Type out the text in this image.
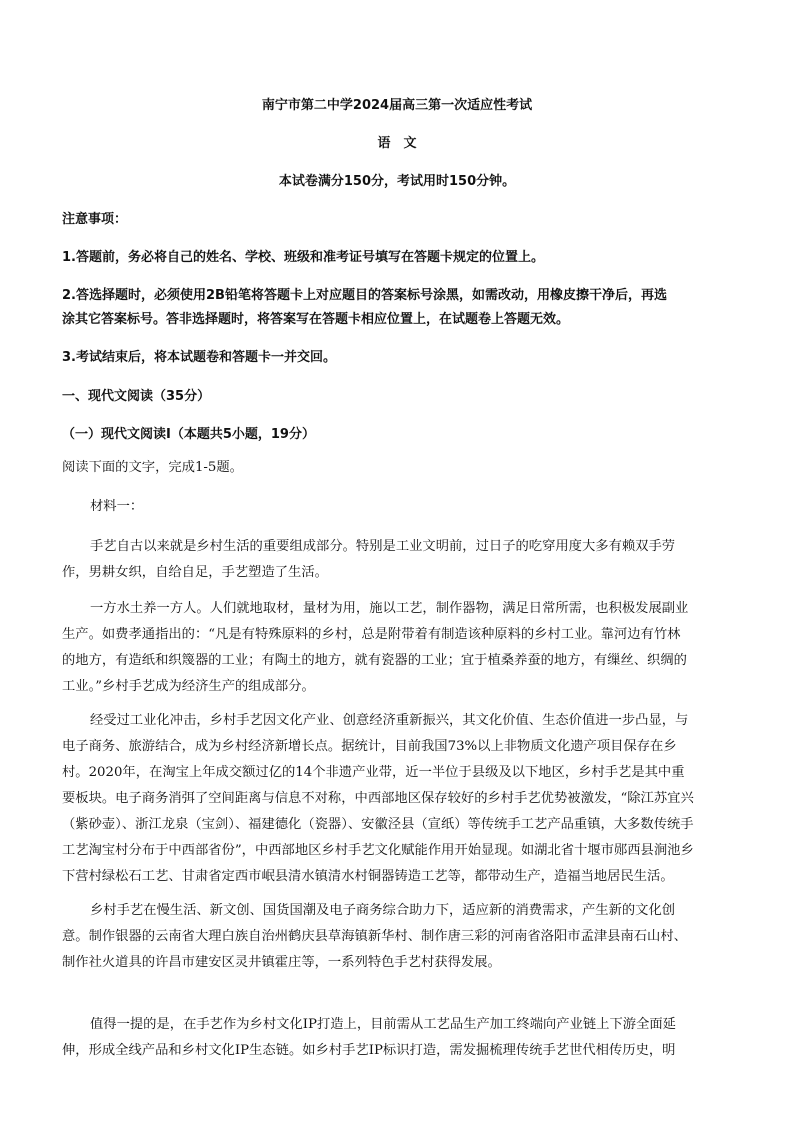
南宁市第二中学2024届高三第一次适应性考试
语　文
本试卷满分150分，考试用时150分钟。
注意事项：
1.答题前，务必将自己的姓名、学校、班级和准考证号填写在答题卡规定的位置上。
2.答选择题时，必须使用2B铅笔将答题卡上对应题目的答案标号涂黑，如需改动，用橡皮擦干净后，再选
涂其它答案标号。答非选择题时，将答案写在答题卡相应位置上，在试题卷上答题无效。
3.考试结束后，将本试题卷和答题卡一并交回。
一、现代文阅读（35分）
（一）现代文阅读Ⅰ（本题共5小题，19分）
阅读下面的文字，完成1-5题。
材料一：
手艺自古以来就是乡村生活的重要组成部分。特别是工业文明前，过日子的吃穿用度大多有赖双手劳
作，男耕女织，自给自足，手艺塑造了生活。
一方水土养一方人。人们就地取材，量材为用，施以工艺，制作器物，满足日常所需，也积极发展副业
生产。如费孝通指出的：“凡是有特殊原料的乡村，总是附带着有制造该种原料的乡村工业。靠河边有竹林
的地方，有造纸和织篾器的工业；有陶土的地方，就有瓷器的工业；宜于植桑养蚕的地方，有缫丝、织绸的
工业。”乡村手艺成为经济生产的组成部分。
经受过工业化冲击，乡村手艺因文化产业、创意经济重新振兴，其文化价值、生态价值进一步凸显，与
电子商务、旅游结合，成为乡村经济新增长点。据统计，目前我国73%以上非物质文化遗产项目保存在乡
村。2020年，在淘宝上年成交额过亿的14个非遗产业带，近一半位于县级及以下地区，乡村手艺是其中重
要板块。电子商务消弭了空间距离与信息不对称，中西部地区保存较好的乡村手艺优势被激发，“除江苏宜兴
（紫砂壶）、浙江龙泉（宝剑）、福建德化（瓷器）、安徽泾县（宣纸）等传统手工艺产品重镇，大多数传统手
工艺淘宝村分布于中西部省份”，中西部地区乡村手艺文化赋能作用开始显现。如湖北省十堰市郧西县涧池乡
下营村绿松石工艺、甘肃省定西市岷县清水镇清水村铜器铸造工艺等，都带动生产，造福当地居民生活。
乡村手艺在慢生活、新文创、国货国潮及电子商务综合助力下，适应新的消费需求，产生新的文化创
意。制作银器的云南省大理白族自治州鹤庆县草海镇新华村、制作唐三彩的河南省洛阳市孟津县南石山村、
制作社火道具的许昌市建安区灵井镇霍庄等，一系列特色手艺村获得发展。
值得一提的是，在手艺作为乡村文化IP打造上，目前需从工艺品生产加工终端向产业链上下游全面延
伸，形成全线产品和乡村文化IP生态链。如乡村手艺IP标识打造，需发掘梳理传统手艺世代相传历史，明
